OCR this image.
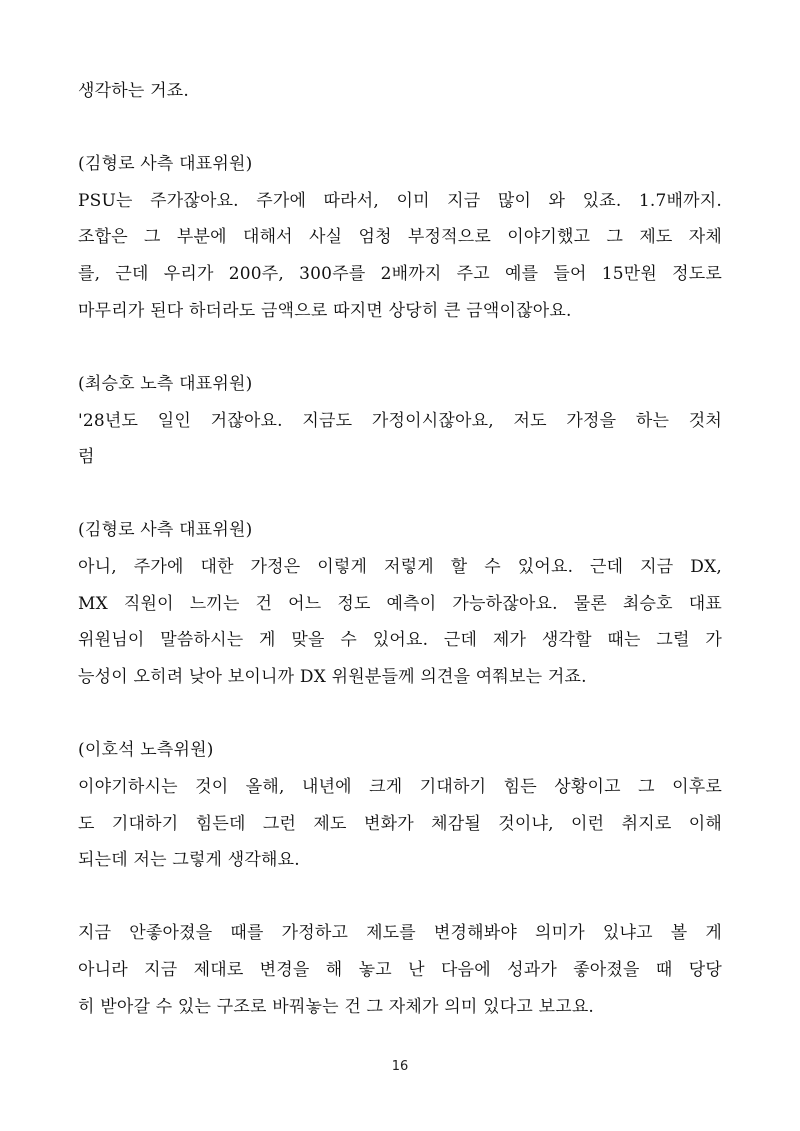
생각하는 거죠.
(김형로 사측 대표위원)
PSU는 주가잖아요. 주가에 따라서, 이미 지금 많이 와 있죠. 1.7배까지.
조합은 그 부분에 대해서 사실 엄청 부정적으로 이야기했고 그 제도 자체
를, 근데 우리가 200주, 300주를 2배까지 주고 예를 들어 15만원 정도로
마무리가 된다 하더라도 금액으로 따지면 상당히 큰 금액이잖아요.
(최승호 노측 대표위원)
'28년도 일인 거잖아요. 지금도 가정이시잖아요, 저도 가정을 하는 것처
럼
(김형로 사측 대표위원)
아니, 주가에 대한 가정은 이렇게 저렇게 할 수 있어요. 근데 지금 DX,
MX 직원이 느끼는 건 어느 정도 예측이 가능하잖아요. 물론 최승호 대표
위원님이 말씀하시는 게 맞을 수 있어요. 근데 제가 생각할 때는 그럴 가
능성이 오히려 낮아 보이니까 DX 위원분들께 의견을 여쭤보는 거죠.
(이호석 노측위원)
이야기하시는 것이 올해, 내년에 크게 기대하기 힘든 상황이고 그 이후로
도 기대하기 힘든데 그런 제도 변화가 체감될 것이냐, 이런 취지로 이해
되는데 저는 그렇게 생각해요.
지금 안좋아졌을 때를 가정하고 제도를 변경해봐야 의미가 있냐고 볼 게
아니라 지금 제대로 변경을 해 놓고 난 다음에 성과가 좋아졌을 때 당당
히 받아갈 수 있는 구조로 바꿔놓는 건 그 자체가 의미 있다고 보고요.
16
